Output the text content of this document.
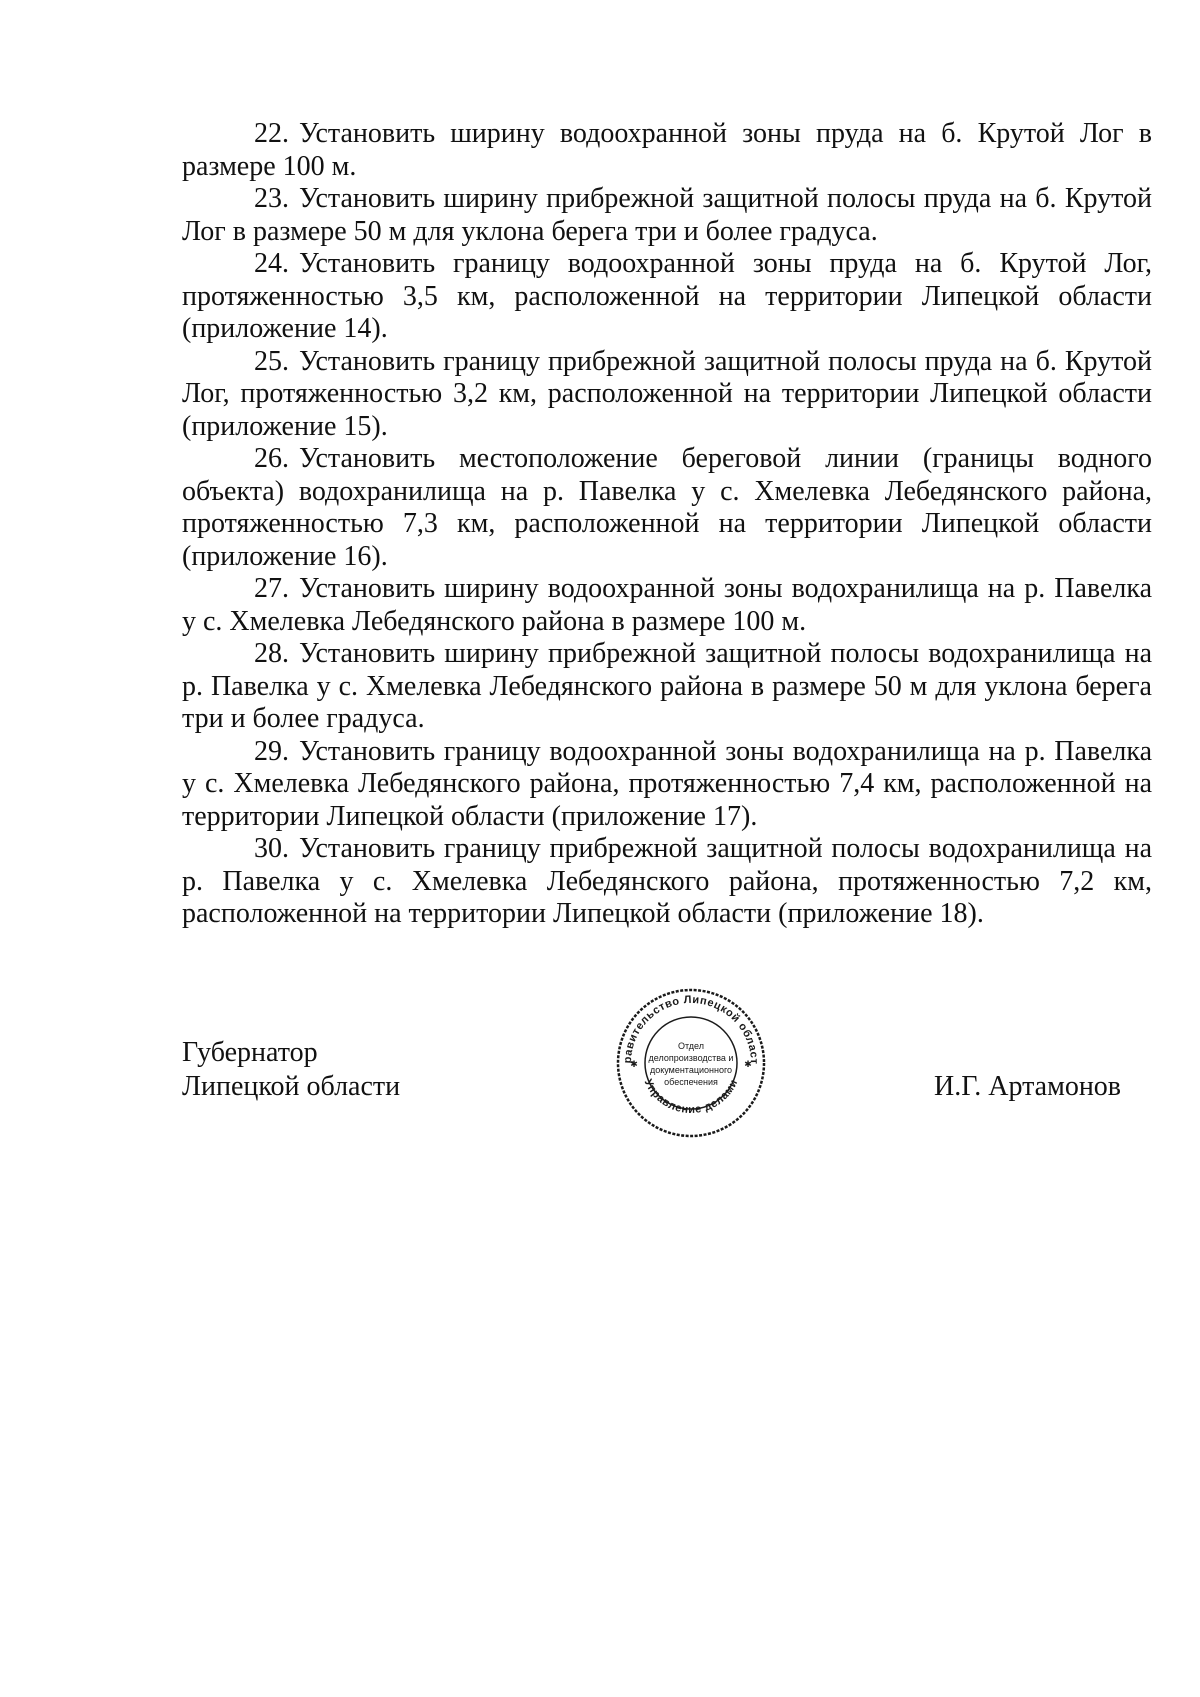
22. Установить ширину водоохранной зоны пруда на б. Крутой Лог в размере 100 м.

23. Установить ширину прибрежной защитной полосы пруда на б. Крутой Лог в размере 50 м для уклона берега три и более градуса.

24. Установить границу водоохранной зоны пруда на б. Крутой Лог, протяженностью 3,5 км, расположенной на территории Липецкой области (приложение 14).

25. Установить границу прибрежной защитной полосы пруда на б. Крутой Лог, протяженностью 3,2 км, расположенной на территории Липецкой области (приложение 15).

26. Установить местоположение береговой линии (границы водного объекта) водохранилища на р. Павелка у с. Хмелевка Лебедянского района, протяженностью 7,3 км, расположенной на территории Липецкой области (приложение 16).

27. Установить ширину водоохранной зоны водохранилища на р. Павелка у с. Хмелевка Лебедянского района в размере 100 м.

28. Установить ширину прибрежной защитной полосы водохранилища на р. Павелка у с. Хмелевка Лебедянского района в размере 50 м для уклона берега три и более градуса.

29. Установить границу водоохранной зоны водохранилища на р. Павелка у с. Хмелевка Лебедянского района, протяженностью 7,4 км, расположенной на территории Липецкой области (приложение 17).

30. Установить границу прибрежной защитной полосы водохранилища на р. Павелка у с. Хмелевка Лебедянского района, протяженностью 7,2 км, расположенной на территории Липецкой области (приложение 18).

Губернатор
Липецкой области
равительство Липецкой област
Управление делами
✱	✱
Отдел
делопроизводства и
документационного
обеспечения	И.Г. Артамонов
